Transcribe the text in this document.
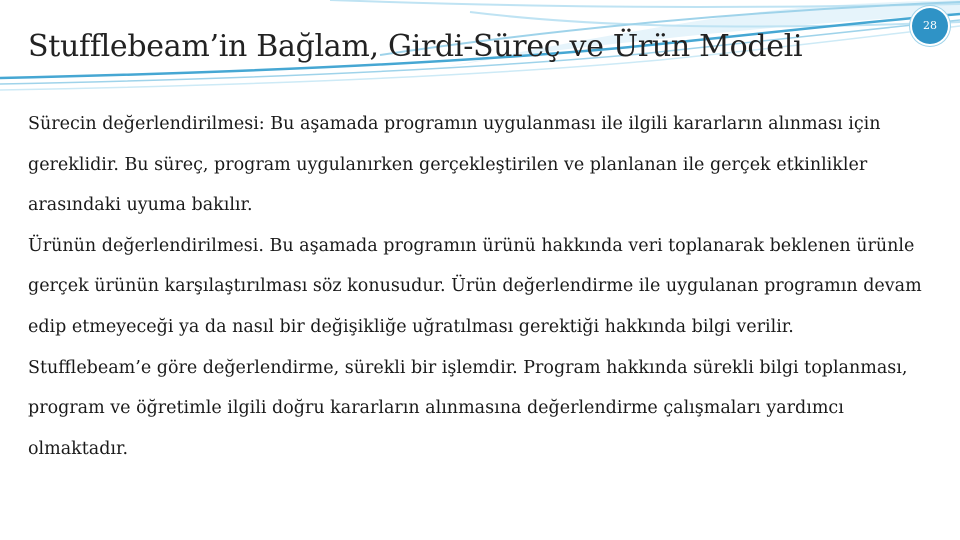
Stufflebeam’in Bağlam, Girdi-Süreç ve Ürün Modeli
28

Sürecin değerlendirilmesi: Bu aşamada programın uygulanması ile ilgili kararların alınması için gereklidir. Bu süreç, program uygulanırken gerçekleştirilen ve planlanan ile gerçek etkinlikler arasındaki uyuma bakılır.

Ürünün değerlendirilmesi. Bu aşamada programın ürünü hakkında veri toplanarak beklenen ürünle gerçek ürünün karşılaştırılması söz konusudur. Ürün değerlendirme ile uygulanan programın devam edip etmeyeceği ya da nasıl bir değişikliğe uğratılması gerektiği hakkında bilgi verilir.

Stufflebeam’e göre değerlendirme, sürekli bir işlemdir. Program hakkında sürekli bilgi toplanması, program ve öğretimle ilgili doğru kararların alınmasına değerlendirme çalışmaları yardımcı olmaktadır.
